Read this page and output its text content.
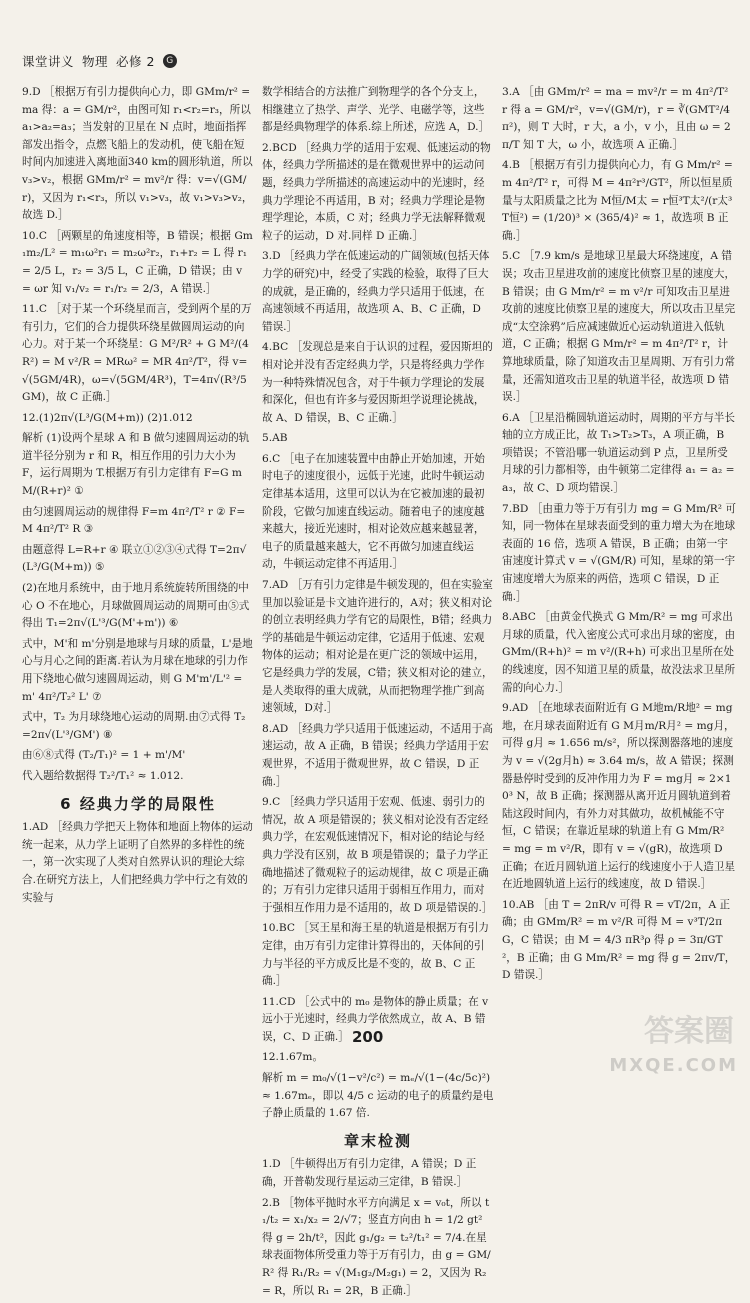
课堂讲义 物理 必修 2	G
9.D ［根据万有引力提供向心力，即 GMm/r² = ma 得：a = GM/r²，由图可知 r₁<r₂=r₃，所以 a₁>a₂=a₃；当发射的卫星在 N 点时，地面指挥部发出指令，点燃飞船上的发动机，使飞船在短时间内加速进入离地面340 km的圆形轨道，所以 v₃>v₂，根据 GMm/r² = mv²/r 得：v=√(GM/r)，又因为 r₁<r₃，所以 v₁>v₃，故 v₁>v₃>v₂，故选 D.］
10.C ［两颗星的角速度相等，B 错误；根据 Gm₁m₂/L² = m₁ω²r₁ = m₂ω²r₂，r₁+r₂ = L 得 r₁ = 2/5 L，r₂ = 3/5 L，C 正确，D 错误；由 v = ωr 知 v₁/v₂ = r₁/r₂ = 2/3，A 错误.］
11.C ［对于某一个环绕星而言，受到两个星的万有引力，它们的合力提供环绕星做圆周运动的向心力。对于某一个环绕星：G M²/R² + G M²/(4R²) = M v²/R = MRω² = MR 4π²/T²，得 v=√(5GM/4R)，ω=√(5GM/4R³)，T=4π√(R³/5GM)，故 C 正确.］
12.(1)2π√(L³/G(M+m)) (2)1.012
解析 (1)设两个星球 A 和 B 做匀速圆周运动的轨道半径分别为 r 和 R，相互作用的引力大小为 F，运行周期为 T.根据万有引力定律有 F=G mM/(R+r)² ①
由匀速圆周运动的规律得 F=m 4π²/T² r ② F=M 4π²/T² R ③
由题意得 L=R+r ④ 联立①②③④式得 T=2π√(L³/G(M+m)) ⑤
(2)在地月系统中，由于地月系统旋转所围绕的中心 O 不在地心，月球做圆周运动的周期可由⑤式得出 T₁=2π√(L'³/G(M'+m')) ⑥
式中，M'和 m'分别是地球与月球的质量，L'是地心与月心之间的距离.若认为月球在地球的引力作用下绕地心做匀速圆周运动，则 G M'm'/L'² = m' 4π²/T₂² L' ⑦
式中，T₂ 为月球绕地心运动的周期.由⑦式得 T₂=2π√(L'³/GM') ⑧
由⑥⑧式得 (T₂/T₁)² = 1 + m'/M'
代入题给数据得 T₂²/T₁² ≈ 1.012.
6 经典力学的局限性
1.AD ［经典力学把天上物体和地面上物体的运动统一起来，从力学上证明了自然界的多样性的统一，第一次实现了人类对自然界认识的理论大综合.在研究方法上，人们把经典力学中行之有效的实验与
数学相结合的方法推广到物理学的各个分支上，相继建立了热学、声学、光学、电磁学等，这些都是经典物理学的体系.综上所述，应选 A，D.］
2.BCD ［经典力学的适用于宏观、低速运动的物体，经典力学所描述的是在微观世界中的运动问题，经典力学所描述的高速运动中的光速时，经典力学理论不再适用，B 对；经典力学理论是物理学理论，本质，C 对；经典力学无法解释微观粒子的运动，D 对.同样 D 正确.］
3.D ［经典力学在低速运动的广阔领域(包括天体力学的研究)中，经受了实践的检验，取得了巨大的成就，是正确的，经典力学只适用于低速，在高速领域不再适用，故选项 A、B、C 正确，D 错误.］
4.BC ［发现总是来自于认识的过程，爱因斯坦的相对论并没有否定经典力学，只是将经典力学作为一种特殊情况包含，对于牛顿力学理论的发展和深化，但也有许多与爱因斯坦学说理论挑战，故 A、D 错误，B、C 正确.］
5.AB
6.C ［电子在加速装置中由静止开始加速，开始时电子的速度很小，远低于光速，此时牛顿运动定律基本适用，这里可以认为在它被加速的最初阶段，它做匀加速直线运动。随着电子的速度越来越大，接近光速时，相对论效应越来越显著，电子的质量越来越大，它不再做匀加速直线运动，牛顿运动定律不再适用.］
7.AD ［万有引力定律是牛顿发现的，但在实验室里加以验证是卡文迪许进行的，A对；狭义相对论的创立表明经典力学有它的局限性，B错；经典力学的基础是牛顿运动定律，它适用于低速、宏观物体的运动；相对论是在更广泛的领域中运用，它是经典力学的发展，C错；狭义相对论的建立，是人类取得的重大成就，从而把物理学推广到高速领域，D对.］
8.AD ［经典力学只适用于低速运动，不适用于高速运动，故 A 正确，B 错误；经典力学适用于宏观世界，不适用于微观世界，故 C 错误，D 正确.］
9.C ［经典力学只适用于宏观、低速、弱引力的情况，故 A 项是错误的；狭义相对论没有否定经典力学，在宏观低速情况下，相对论的结论与经典力学没有区别，故 B 项是错误的；量子力学正确地描述了微观粒子的运动规律，故 C 项是正确的；万有引力定律只适用于弱相互作用力，而对于强相互作用力是不适用的，故 D 项是错误的.］
10.BC ［冥王星和海王星的轨道是根据万有引力定律，由万有引力定律计算得出的，天体间的引力与半径的平方成反比是不变的，故 B、C 正确.］
11.CD ［公式中的 m₀ 是物体的静止质量；在 v 远小于光速时，经典力学依然成立，故 A、B 错误，C、D 正确.］
12.1.67m。
解析 m = m₀/√(1−v²/c²) = mₑ/√(1−(4c/5c)²) ≈ 1.67mₑ，即以 4/5 c 运动的电子的质量约是电子静止质量的 1.67 倍.
章末检测
1.D ［牛顿得出万有引力定律，A 错误；D 正确，开普勒发现行星运动三定律，B 错误.］
2.B ［物体平抛时水平方向满足 x = v₀t，所以 t₁/t₂ = x₁/x₂ = 2/√7；竖直方向由 h = 1/2 gt² 得 g = 2h/t²，因此 g₁/g₂ = t₂²/t₁² = 7/4.在星球表面物体所受重力等于万有引力，由 g = GM/R² 得 R₁/R₂ = √(M₁g₂/M₂g₁) = 2，又因为 R₂ = R，所以 R₁ = 2R，B 正确.］
3.A ［由 GMm/r² = ma = mv²/r = m 4π²/T² r 得 a = GM/r²，v=√(GM/r)，r = ∛(GMT²/4π²)，则 T 大时，r 大，a 小，v 小，且由 ω = 2π/T 知 T 大，ω 小，故选项 A 正确.］
4.B ［根据万有引力提供向心力，有 G Mm/r² = m 4π²/T² r，可得 M = 4π²r³/GT²，所以恒星质量与太阳质量之比为 M恒/M太 = r恒³T太²/(r太³T恒²) = (1/20)³ × (365/4)² ≈ 1，故选项 B 正确.］
5.C ［7.9 km/s 是地球卫星最大环绕速度，A 错误；攻击卫星进攻前的速度比侦察卫星的速度大，B 错误；由 G Mm/r² = m v²/r 可知攻击卫星进攻前的速度比侦察卫星的速度大，所以攻击卫星完成“太空涂鸦”后应减速做近心运动轨道进入低轨道，C 正确；根据 G Mm/r² = m 4π²/T² r，计算地球质量，除了知道攻击卫星周期、万有引力常量，还需知道攻击卫星的轨道半径，故选项 D 错误.］
6.A ［卫星沿椭圆轨道运动时，周期的平方与半长轴的立方成正比，故 T₁>T₂>T₃，A 项正确，B 项错误；不管沿哪一轨道运动到 P 点，卫星所受月球的引力都相等，由牛顿第二定律得 a₁ = a₂ = a₃，故 C、D 项均错误.］
7.BD ［由重力等于万有引力 mg = G Mm/R² 可知，同一物体在星球表面受到的重力增大为在地球表面的 16 倍，选项 A 错误，B 正确；由第一宇宙速度计算式 v = √(GM/R) 可知，星球的第一宇宙速度增大为原来的两倍，选项 C 错误，D 正确.］
8.ABC ［由黄金代换式 G Mm/R² = mg 可求出月球的质量，代入密度公式可求出月球的密度，由 GMm/(R+h)² = m v²/(R+h) 可求出卫星所在处的线速度，因不知道卫星的质量，故没法求卫星所需的向心力.］
9.AD ［在地球表面附近有 G M地m/R地² = mg地，在月球表面附近有 G M月m/R月² = mg月，可得 g月 ≈ 1.656 m/s²，所以探测器落地的速度为 v = √(2g月h) ≈ 3.64 m/s，故 A 错误；探测器悬停时受到的反冲作用力为 F = mg月 ≈ 2×10³ N，故 B 正确；探测器从离开近月圆轨道到着陆这段时间内，有外力对其做功，故机械能不守恒，C 错误；在靠近星球的轨道上有 G Mm/R² = mg = m v²/R，即有 v = √(gR)，故选项 D 正确；在近月圆轨道上运行的线速度小于人造卫星在近地圆轨道上运行的线速度，故 D 错误.］
10.AB ［由 T = 2πR/v 可得 R = vT/2π，A 正确；由 GMm/R² = m v²/R 可得 M = v³T/2πG，C 错误；由 M = 4/3 πR³ρ 得 ρ = 3π/GT²，B 正确；由 G Mm/R² = mg 得 g = 2πv/T，D 错误.］
200	答案圈
MXQE.COM
